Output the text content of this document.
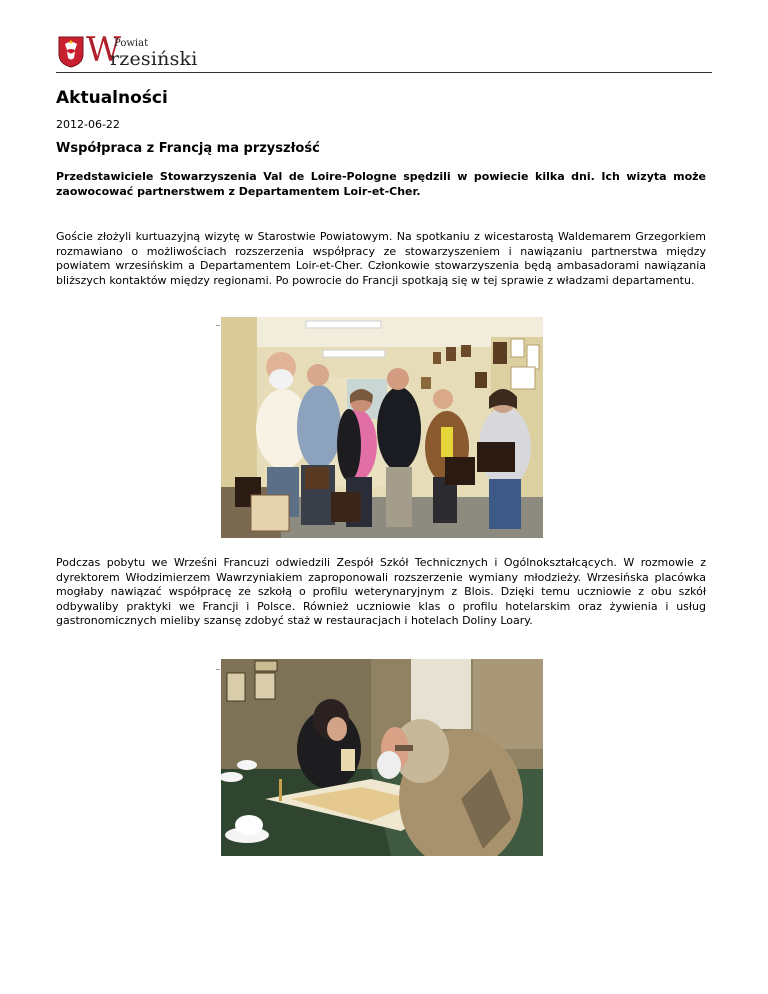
W
Powiat
rzesiński
Aktualności
2012-06-22
Współpraca z Francją ma przyszłość

Przedstawiciele Stowarzyszenia Val de Loire-Pologne spędzili w powiecie kilka dni. Ich wizyta może zaowocować partnerstwem z Departamentem Loir-et-Cher.

Goście złożyli kurtuazyjną wizytę w Starostwie Powiatowym. Na spotkaniu z wicestarostą Waldemarem Grzegorkiem rozmawiano o możliwościach rozszerzenia współpracy ze stowarzyszeniem i nawiązaniu partnerstwa między powiatem wrzesińskim a Departamentem Loir-et-Cher. Członkowie stowarzyszenia będą ambasadorami nawiązania bliższych kontaktów między regionami. Po powrocie do Francji spotkają się w tej sprawie z władzami departamentu.

Podczas pobytu we Wrześni Francuzi odwiedzili Zespół Szkół Technicznych i Ogólnokształcących. W rozmowie z dyrektorem Włodzimierzem Wawrzyniakiem zaproponowali rozszerzenie wymiany młodzieży. Wrzesińska placówka mogłaby nawiązać współpracę ze szkołą o profilu weterynaryjnym z Blois. Dzięki temu uczniowie z obu szkół odbywaliby praktyki we Francji i Polsce. Również uczniowie klas o profilu hotelarskim oraz żywienia i usług gastronomicznych mieliby szansę zdobyć staż w restauracjach i hotelach Doliny Loary.
